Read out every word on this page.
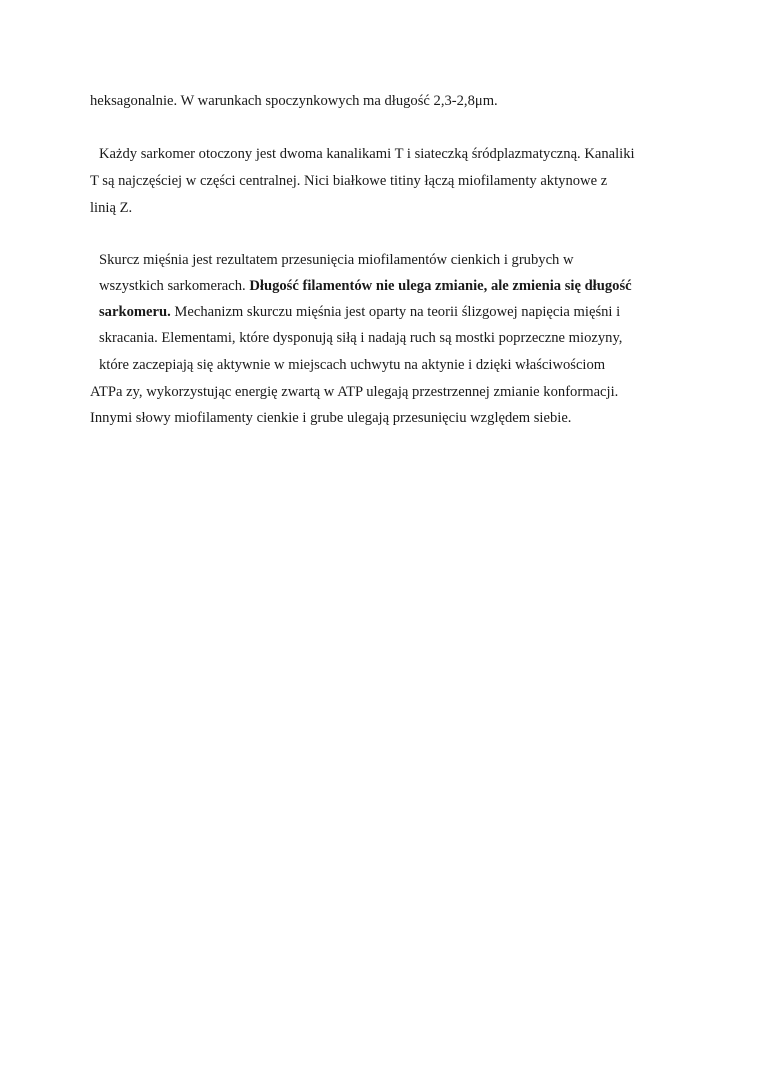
heksagonalnie. W warunkach spoczynkowych ma długość 2,3-2,8μm.
Każdy sarkomer otoczony jest dwoma kanalikami T i siateczką śródplazmatyczną. Kanaliki
T są najczęściej w części centralnej. Nici białkowe titiny łączą miofilamenty aktynowe z
linią Z.
Skurcz mięśnia jest rezultatem przesunięcia miofilamentów cienkich i grubych w
wszystkich sarkomerach. Długość filamentów nie ulega zmianie, ale zmienia się długość
sarkomeru. Mechanizm skurczu mięśnia jest oparty na teorii ślizgowej napięcia mięśni i
skracania. Elementami, które dysponują siłą i nadają ruch są mostki poprzeczne miozyny,
które zaczepiają się aktywnie w miejscach uchwytu na aktynie i dzięki właściwościom
ATPa zy, wykorzystując energię zwartą w ATP ulegają przestrzennej zmianie konformacji.
Innymi słowy miofilamenty cienkie i grube ulegają przesunięciu względem siebie.
